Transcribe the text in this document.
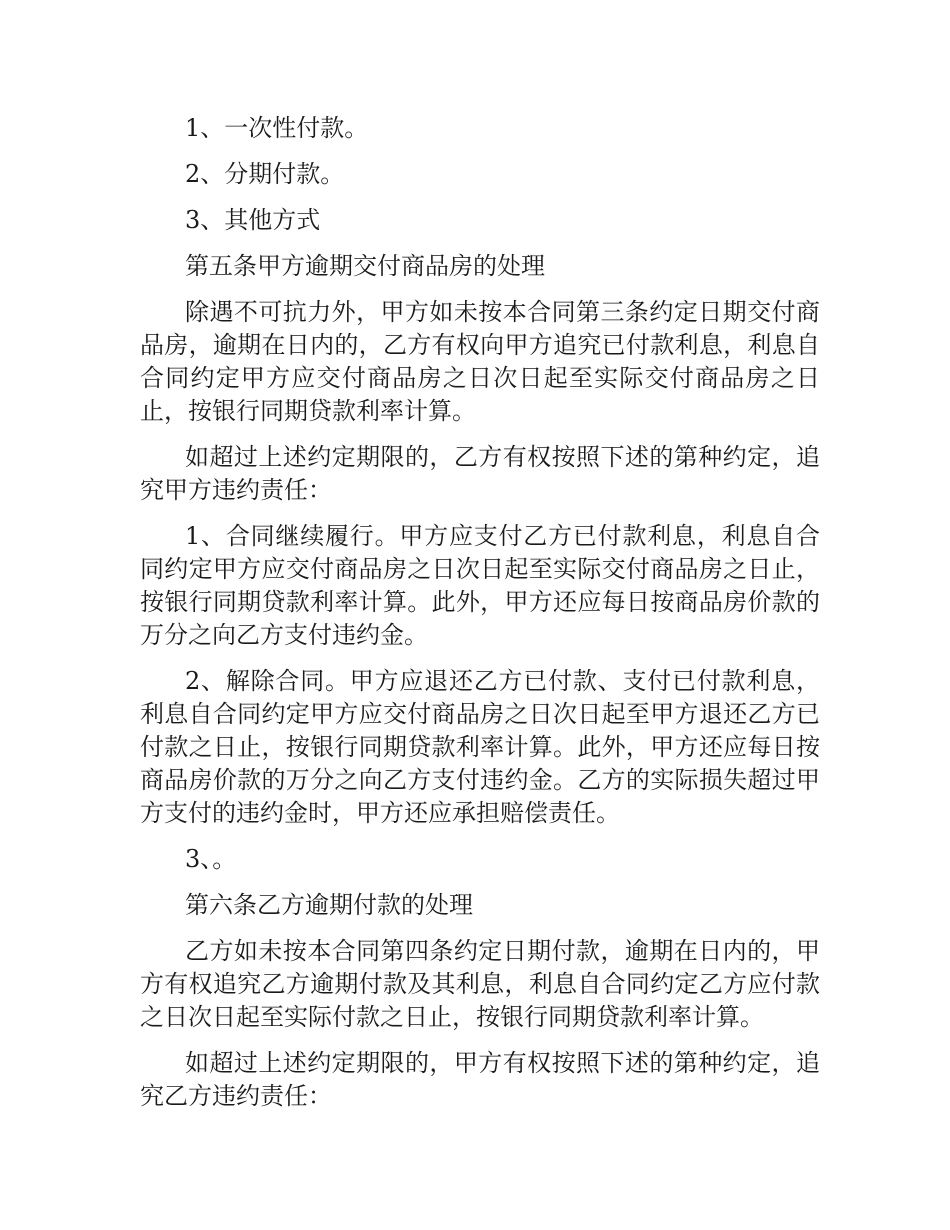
1、一次性付款。

2、分期付款。

3、其他方式

第五条甲方逾期交付商品房的处理

除遇不可抗力外，甲方如未按本合同第三条约定日期交付商品房，逾期在日内的，乙方有权向甲方追究已付款利息，利息自合同约定甲方应交付商品房之日次日起至实际交付商品房之日止，按银行同期贷款利率计算。

如超过上述约定期限的，乙方有权按照下述的第种约定，追究甲方违约责任：

1、合同继续履行。甲方应支付乙方已付款利息，利息自合同约定甲方应交付商品房之日次日起至实际交付商品房之日止，按银行同期贷款利率计算。此外，甲方还应每日按商品房价款的万分之向乙方支付违约金。

2、解除合同。甲方应退还乙方已付款、支付已付款利息，利息自合同约定甲方应交付商品房之日次日起至甲方退还乙方已付款之日止，按银行同期贷款利率计算。此外，甲方还应每日按商品房价款的万分之向乙方支付违约金。乙方的实际损失超过甲方支付的违约金时，甲方还应承担赔偿责任。

3、。

第六条乙方逾期付款的处理

乙方如未按本合同第四条约定日期付款，逾期在日内的，甲方有权追究乙方逾期付款及其利息，利息自合同约定乙方应付款之日次日起至实际付款之日止，按银行同期贷款利率计算。

如超过上述约定期限的，甲方有权按照下述的第种约定，追究乙方违约责任：
